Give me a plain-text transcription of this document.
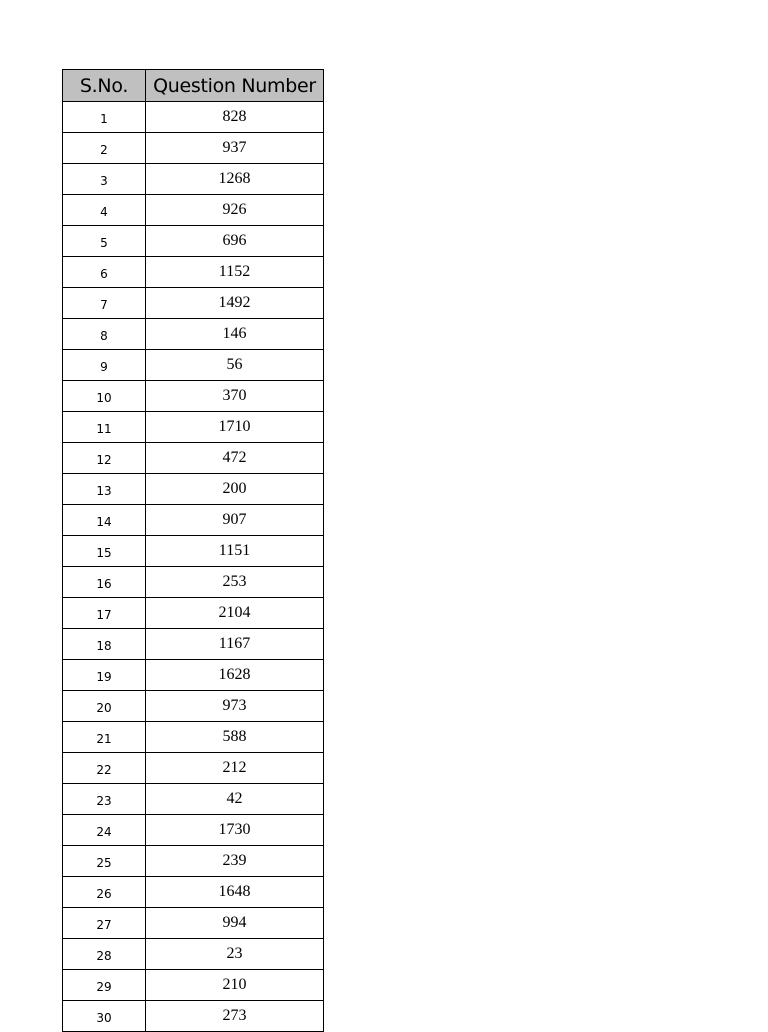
S.No.	Question Number
1	828
2	937
3	1268
4	926
5	696
6	1152
7	1492
8	146
9	56
10	370
11	1710
12	472
13	200
14	907
15	1151
16	253
17	2104
18	1167
19	1628
20	973
21	588
22	212
23	42
24	1730
25	239
26	1648
27	994
28	23
29	210
30	273
